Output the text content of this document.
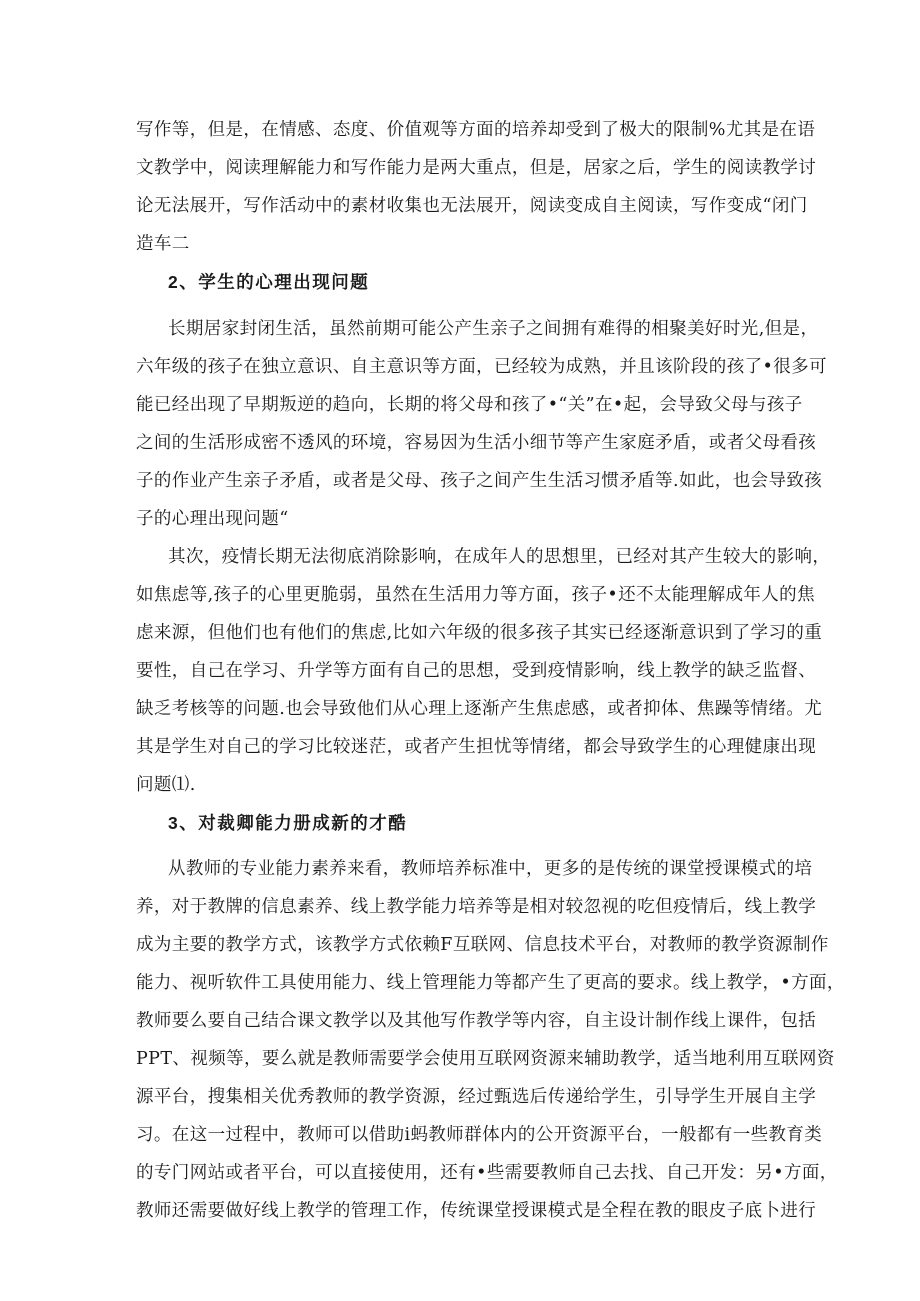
写作等，但是，在情感、态度、价值观等方面的培养却受到了极大的限制%尤其是在语
文教学中，阅读理解能力和写作能力是两大重点，但是，居家之后，学生的阅读教学讨
论无法展开，写作活动中的素材收集也无法展开，阅读变成自主阅读，写作变成“闭门
造车二
2、学生的心理出现问题
长期居家封闭生活，虽然前期可能公产生亲子之间拥有难得的相聚美好时光,但是，
六年级的孩子在独立意识、自主意识等方面，已经较为成熟，并且该阶段的孩了•很多可
能已经出现了早期叛逆的趋向，长期的将父母和孩了•“关”在•起，会导致父母与孩子
之间的生活形成密不透风的环境，容易因为生活小细节等产生家庭矛盾，或者父母看孩
子的作业产生亲子矛盾，或者是父母、孩子之间产生生活习惯矛盾等.如此，也会导致孩
子的心理出现问题“
其次，疫情长期无法彻底消除影响，在成年人的思想里，已经对其产生较大的影响，
如焦虑等,孩子的心里更脆弱，虽然在生活用力等方面，孩子•还不太能理解成年人的焦
虑来源，但他们也有他们的焦虑,比如六年级的很多孩子其实已经逐渐意识到了学习的重
要性，自己在学习、升学等方面有自己的思想，受到疫情影响，线上教学的缺乏监督、
缺乏考核等的问题.也会导致他们从心理上逐渐产生焦虑感，或者抑体、焦躁等情绪。尤
其是学生对自己的学习比较迷茫，或者产生担忧等情绪，都会导致学生的心理健康出现
问题⑴.
3、对裁卿能力册成新的才酷
从教师的专业能力素养来看，教师培养标准中，更多的是传统的课堂授课模式的培
养，对于教牌的信息素养、线上教学能力培养等是相对较忽视的吃但疫情后，线上教学
成为主要的教学方式，该教学方式依赖F互联网、信息技术平台，对教师的教学资源制作
能力、视听软件工具使用能力、线上管理能力等都产生了更高的要求。线上教学，•方面，
教师要么要自己结合课文教学以及其他写作教学等内容，自主设计制作线上课件，包括
PPT、视频等，要么就是教师需要学会使用互联网资源来辅助教学，适当地利用互联网资
源平台，搜集相关优秀教师的教学资源，经过甄选后传递给学生，引导学生开展自主学
习。在这一过程中，教师可以借助i蚂教师群体内的公开资源平台，一般都有一些教育类
的专门网站或者平台，可以直接使用，还有•些需要教师自己去找、自己开发：另•方面，
教师还需要做好线上教学的管理工作，传统课堂授课模式是全程在教的眼皮子底卜进行
